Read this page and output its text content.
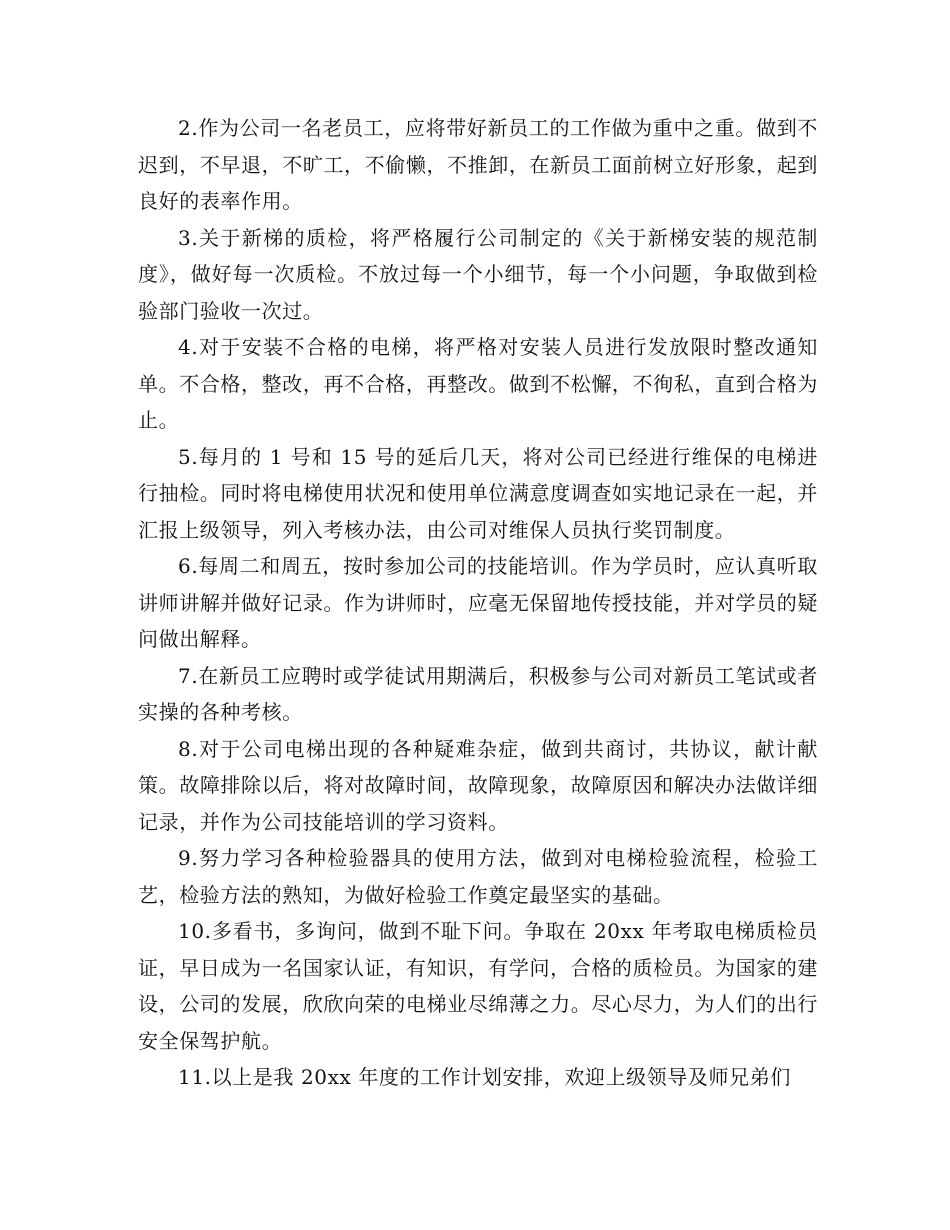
2.作为公司一名老员工，应将带好新员工的工作做为重中之重。做到不迟到，不早退，不旷工，不偷懒，不推卸，在新员工面前树立好形象，起到良好的表率作用。

3.关于新梯的质检，将严格履行公司制定的《关于新梯安装的规范制度》，做好每一次质检。不放过每一个小细节，每一个小问题，争取做到检验部门验收一次过。

4.对于安装不合格的电梯，将严格对安装人员进行发放限时整改通知单。不合格，整改，再不合格，再整改。做到不松懈，不徇私，直到合格为止。

5.每月的 1 号和 15 号的延后几天，将对公司已经进行维保的电梯进行抽检。同时将电梯使用状况和使用单位满意度调查如实地记录在一起，并汇报上级领导，列入考核办法，由公司对维保人员执行奖罚制度。

6.每周二和周五，按时参加公司的技能培训。作为学员时，应认真听取讲师讲解并做好记录。作为讲师时，应毫无保留地传授技能，并对学员的疑问做出解释。

7.在新员工应聘时或学徒试用期满后，积极参与公司对新员工笔试或者实操的各种考核。

8.对于公司电梯出现的各种疑难杂症，做到共商讨，共协议，献计献策。故障排除以后，将对故障时间，故障现象，故障原因和解决办法做详细记录，并作为公司技能培训的学习资料。

9.努力学习各种检验器具的使用方法，做到对电梯检验流程，检验工艺，检验方法的熟知，为做好检验工作奠定最坚实的基础。

10.多看书，多询问，做到不耻下问。争取在 20xx 年考取电梯质检员证，早日成为一名国家认证，有知识，有学问，合格的质检员。为国家的建设，公司的发展，欣欣向荣的电梯业尽绵薄之力。尽心尽力，为人们的出行安全保驾护航。

11.以上是我 20xx 年度的工作计划安排，欢迎上级领导及师兄弟们
